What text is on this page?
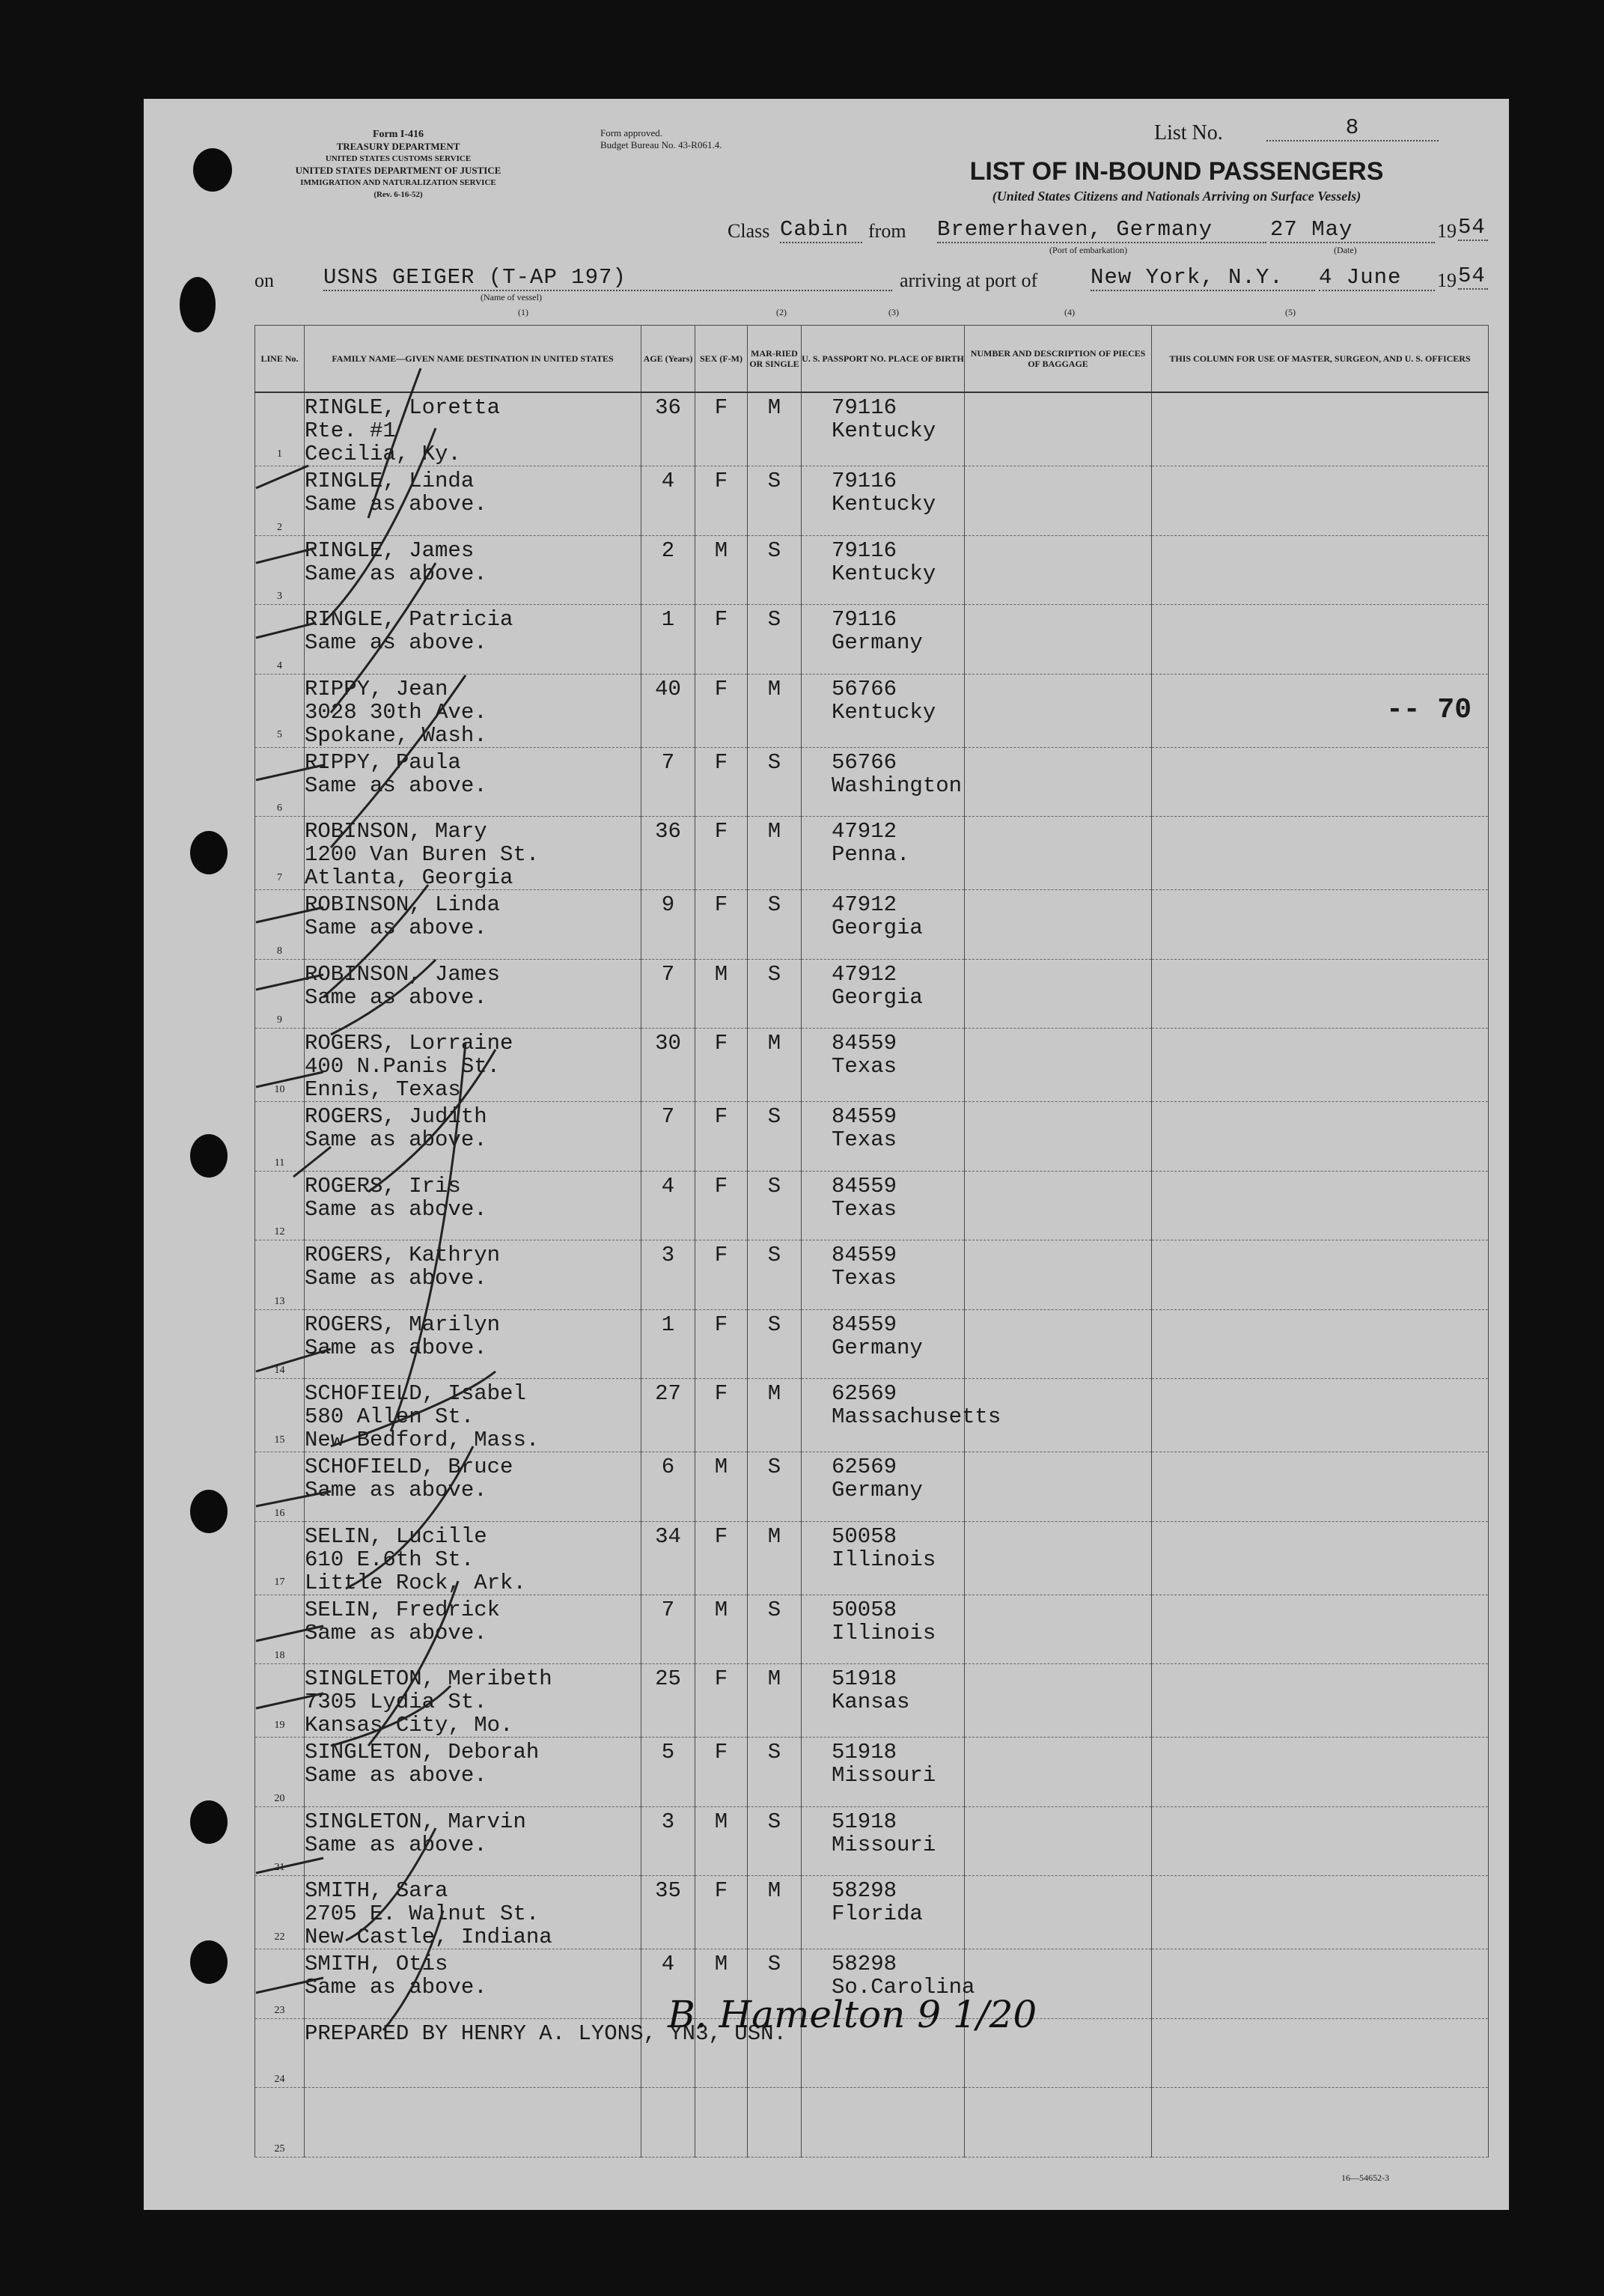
Form I-416
TREASURY DEPARTMENT
UNITED STATES CUSTOMS SERVICE
UNITED STATES DEPARTMENT OF JUSTICE
IMMIGRATION AND NATURALIZATION SERVICE
(Rev. 6-16-52)
Form approved.
Budget Bureau No. 43-R061.4.
List No.	8
LIST OF IN-BOUND PASSENGERS
(United States Citizens and Nationals Arriving on Surface Vessels)
Class Cabin from Bremerhaven, Germany
(Port of embarkation)
27 May
(Date)
19 54
on USNS GEIGER (T-AP 197)
(Name of vessel)
arriving at port of New York, N.Y.	4 June	19 54
(1)	(2)	(3)	(4)	(5)
LINE No.	FAMILY NAME—GIVEN NAME DESTINATION IN UNITED STATES	AGE (Years)	SEX (F-M)	MAR-RIED OR SINGLE	U. S. PASSPORT NO. PLACE OF BIRTH	NUMBER AND DESCRIPTION OF PIECES OF BAGGAGE	THIS COLUMN FOR USE OF MASTER, SURGEON, AND U. S. OFFICERS

1	RINGLE, Loretta
Rte. #1
Cecilia, Ky.	36	F	M	79116
Kentucky		

2	RINGLE, Linda
Same as above.	4	F	S	79116
Kentucky		

3	RINGLE, James
Same as above.	2	M	S	79116
Kentucky		

4	RINGLE, Patricia
Same as above.	1	F	S	79116
Germany		

5	RIPPY, Jean
3028 30th Ave.
Spokane, Wash.	40	F	M	56766
Kentucky		

6	RIPPY, Paula
Same as above.	7	F	S	56766
Washington		

7	ROBINSON, Mary
1200 Van Buren St.
Atlanta, Georgia	36	F	M	47912
Penna.		

8	ROBINSON, Linda
Same as above.	9	F	S	47912
Georgia		

9	ROBINSON, James
Same as above.	7	M	S	47912
Georgia		

10	ROGERS, Lorraine
400 N.Panis St.
Ennis, Texas	30	F	M	84559
Texas		

11	ROGERS, Judith
Same as above.	7	F	S	84559
Texas		

12	ROGERS, Iris
Same as above.	4	F	S	84559
Texas		

13	ROGERS, Kathryn
Same as above.	3	F	S	84559
Texas		

14	ROGERS, Marilyn
Same as above.	1	F	S	84559
Germany		

15	SCHOFIELD, Isabel
580 Allen St.
New Bedford, Mass.	27	F	M	62569
Massachusetts		

16	SCHOFIELD, Bruce
Same as above.	6	M	S	62569
Germany		

17	SELIN, Lucille
610 E.6th St.
Little Rock, Ark.	34	F	M	50058
Illinois		

18	SELIN, Fredrick
Same as above.	7	M	S	50058
Illinois		

19	SINGLETON, Meribeth
7305 Lydia St.
Kansas City, Mo.	25	F	M	51918
Kansas		

20	SINGLETON, Deborah
Same as above.	5	F	S	51918
Missouri		

21	SINGLETON, Marvin
Same as above.	3	M	S	51918
Missouri		

22	SMITH, Sara
2705 E. Walnut St.
New Castle, Indiana	35	F	M	58298
Florida		

23	SMITH, Otis
Same as above.	4	M	S	58298
So.Carolina		

24	PREPARED BY HENRY A. LYONS, YN3, USN.						

25							

-- 70
B. Hamelton 9 1/20
16—54652-3
